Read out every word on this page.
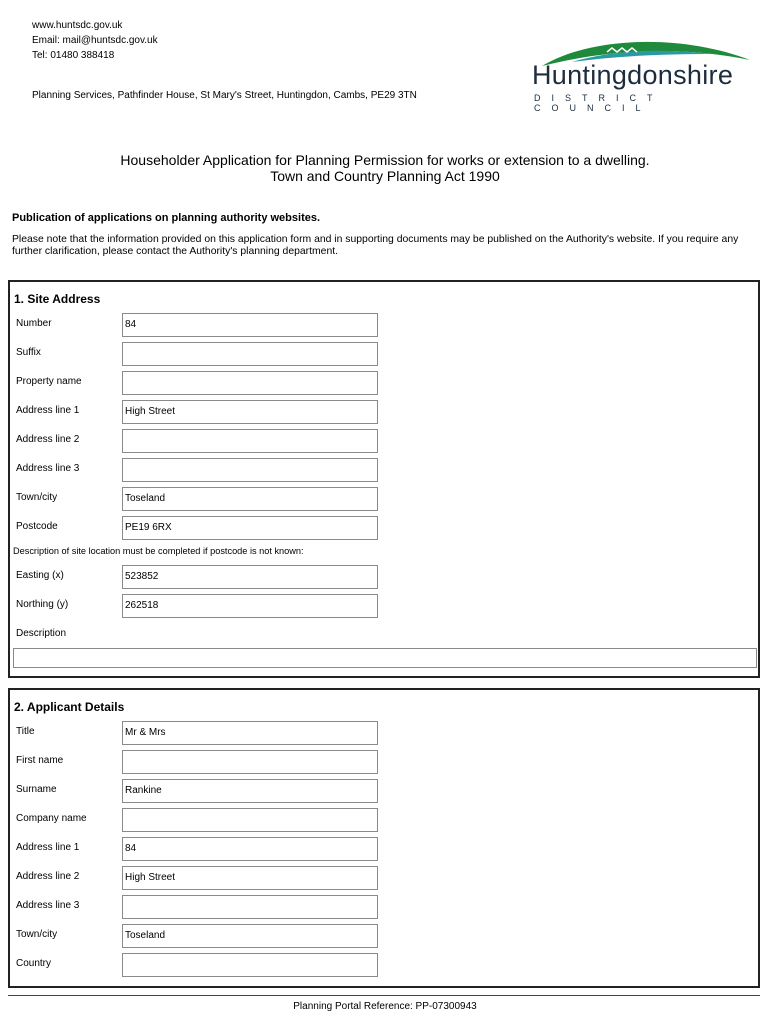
www.huntsdc.gov.uk
Email: mail@huntsdc.gov.uk
Tel: 01480 388418
Planning Services, Pathfinder House, St Mary's Street, Huntingdon, Cambs, PE29 3TN
Huntingdonshire
DISTRICT COUNCIL
Householder Application for Planning Permission for works or extension to a dwelling.
Town and Country Planning Act 1990
Publication of applications on planning authority websites.
Please note that the information provided on this application form and in supporting documents may be published on the Authority's website. If you require any further clarification, please contact the Authority's planning department.
1. Site Address
Number	84
Suffix
Property name
Address line 1	High Street
Address line 2
Address line 3
Town/city	Toseland
Postcode	PE19 6RX
Description of site location must be completed if postcode is not known:
Easting (x)	523852
Northing (y)	262518
Description
2. Applicant Details
Title	Mr & Mrs
First name
Surname	Rankine
Company name
Address line 1	84
Address line 2	High Street
Address line 3
Town/city	Toseland
Country
Planning Portal Reference: PP-07300943
